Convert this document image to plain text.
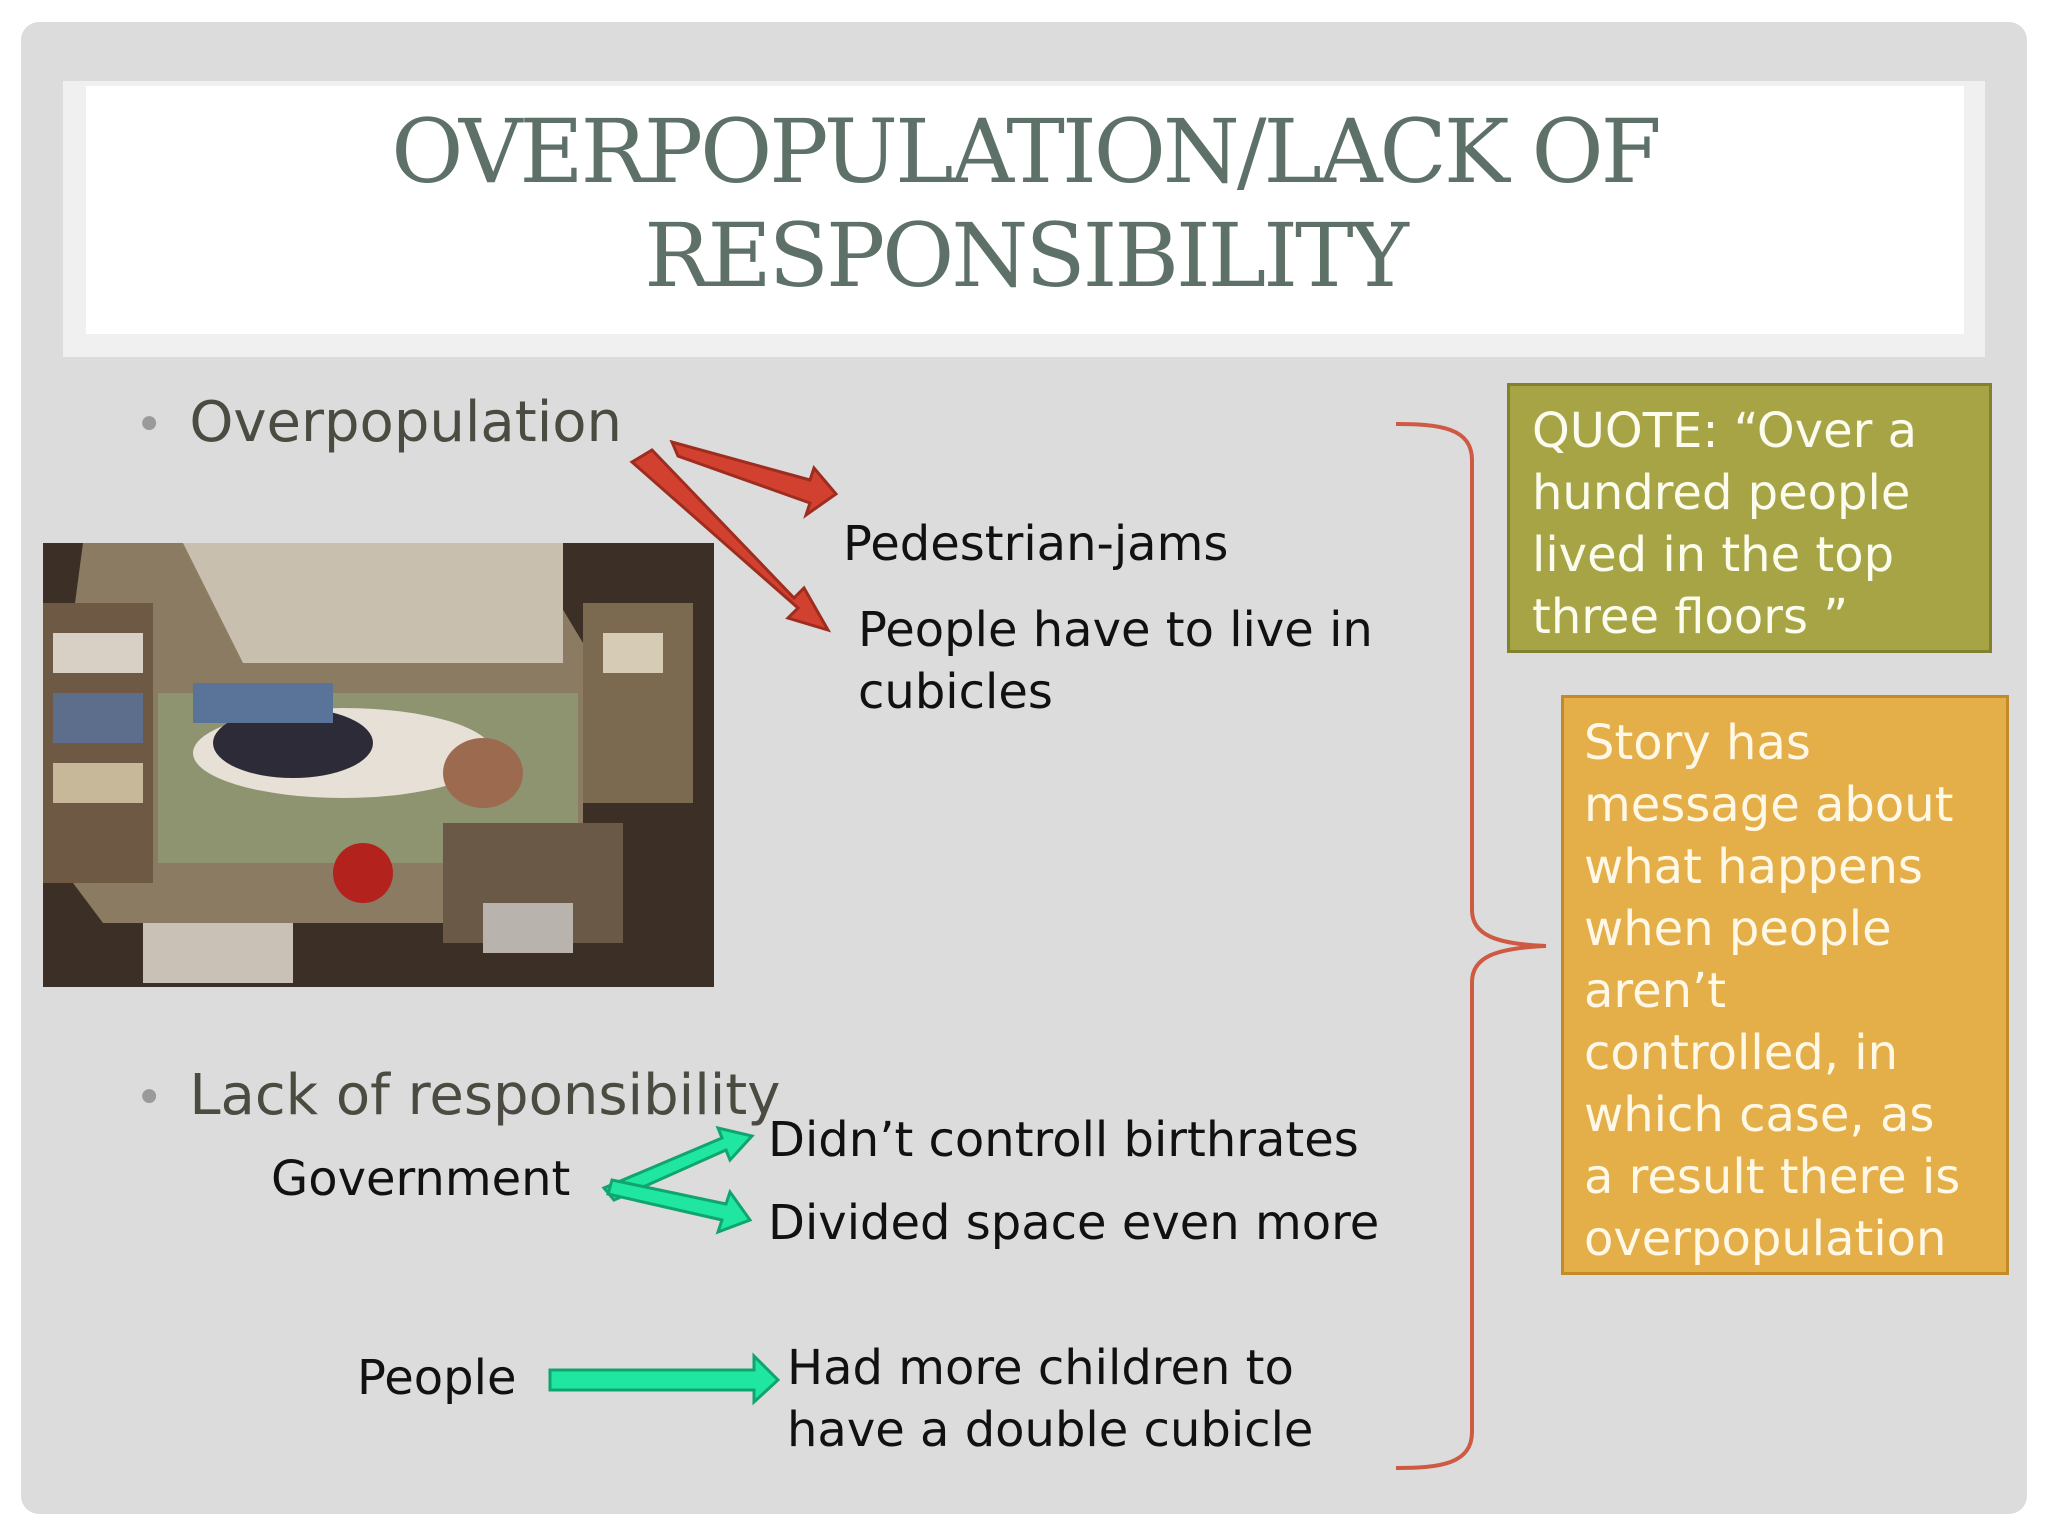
OVERPOPULATION/LACK OF
RESPONSIBILITY
• Overpopulation
Pedestrian-jams
People have to live in
cubicles
• Lack of responsibility
Government
Didn’t controll birthrates
Divided space even more
People	Had more children to
have a double cubicle
QUOTE: “Over a
hundred people
lived in the top
three floors ”
Story has
message about
what happens
when people
aren’t
controlled, in
which case, as
a result there is
overpopulation
